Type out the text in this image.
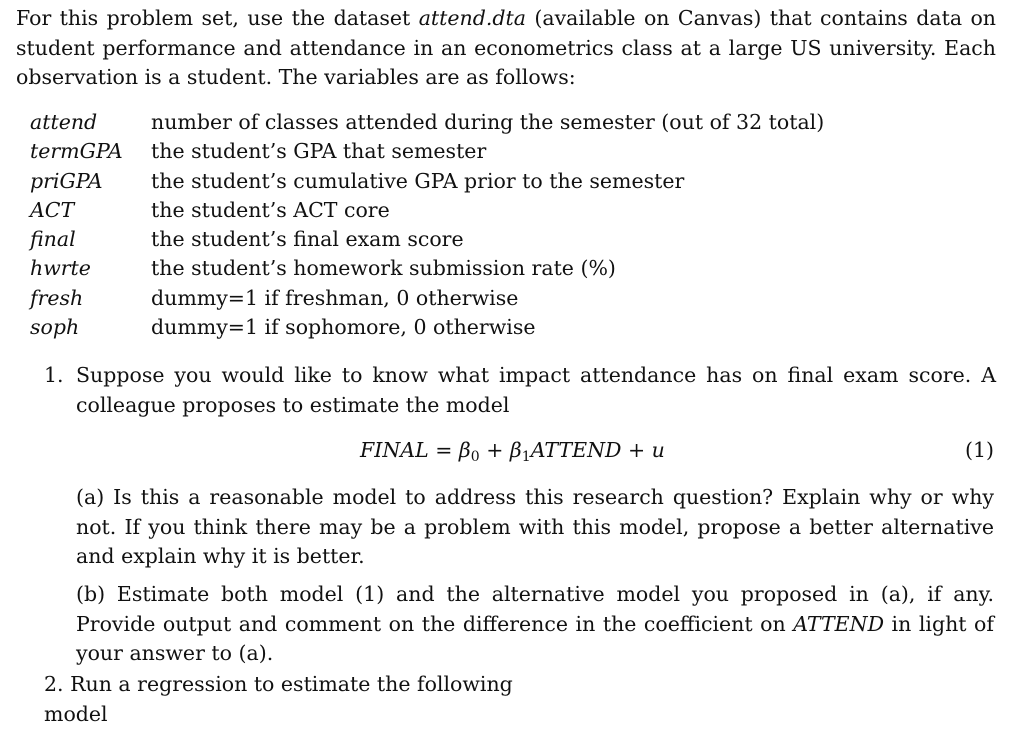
For this problem set, use the dataset attend.dta (available on Canvas) that contains data on student performance and attendance in an econometrics class at a large US university. Each observation is a student. The variables are as follows:

attend	number of classes attended during the semester (out of 32 total)
termGPA	the student’s GPA that semester
priGPA	the student’s cumulative GPA prior to the semester
ACT	the student’s ACT core
final	the student’s final exam score
hwrte	the student’s homework submission rate (%)
fresh	dummy=1 if freshman, 0 otherwise
soph	dummy=1 if sophomore, 0 otherwise
1. Suppose you would like to know what impact attendance has on final exam score. A colleague proposes to estimate the model
FINAL = $\beta_0$ + $\beta_1ATTEND + u$	(1)

(a) Is this a reasonable model to address this research question? Explain why or why not. If you think there may be a problem with this model, propose a better alternative and explain why it is better.

(b) Estimate both model (1) and the alternative model you proposed in (a), if any. Provide output and comment on the difference in the coefficient on ATTEND in light of your answer to (a).

2. Run a regression to estimate the following model
